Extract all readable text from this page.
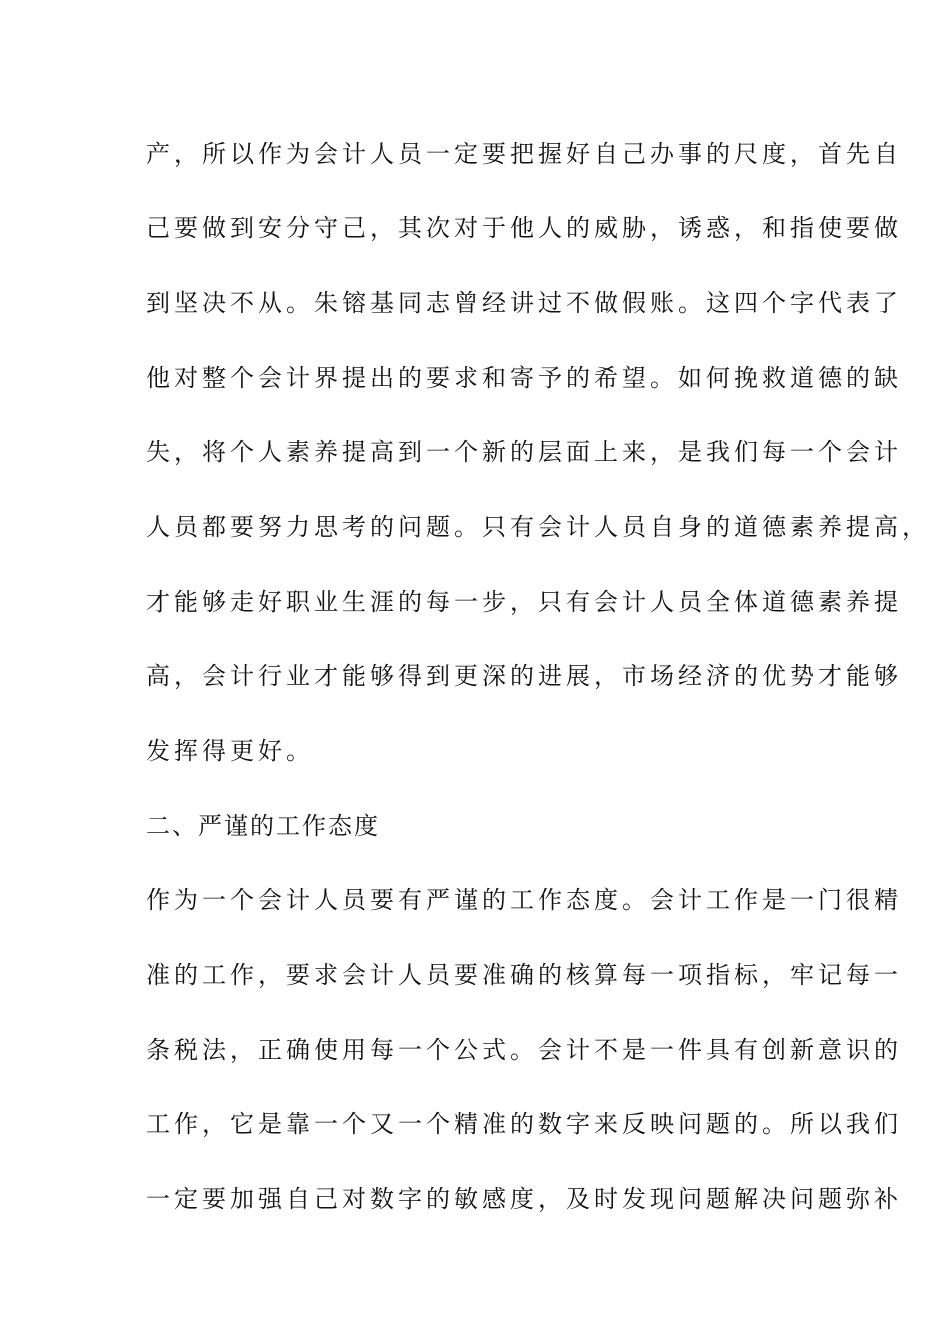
产，所以作为会计人员一定要把握好自己办事的尺度，首先自
己要做到安分守己，其次对于他人的威胁，诱惑，和指使要做
到坚决不从。朱镕基同志曾经讲过不做假账。这四个字代表了
他对整个会计界提出的要求和寄予的希望。如何挽救道德的缺
失，将个人素养提高到一个新的层面上来，是我们每一个会计
人员都要努力思考的问题。只有会计人员自身的道德素养提高，
才能够走好职业生涯的每一步，只有会计人员全体道德素养提
高，会计行业才能够得到更深的进展，市场经济的优势才能够
发挥得更好。
二、严谨的工作态度
作为一个会计人员要有严谨的工作态度。会计工作是一门很精
准的工作，要求会计人员要准确的核算每一项指标，牢记每一
条税法，正确使用每一个公式。会计不是一件具有创新意识的
工作，它是靠一个又一个精准的数字来反映问题的。所以我们
一定要加强自己对数字的敏感度，及时发现问题解决问题弥补
